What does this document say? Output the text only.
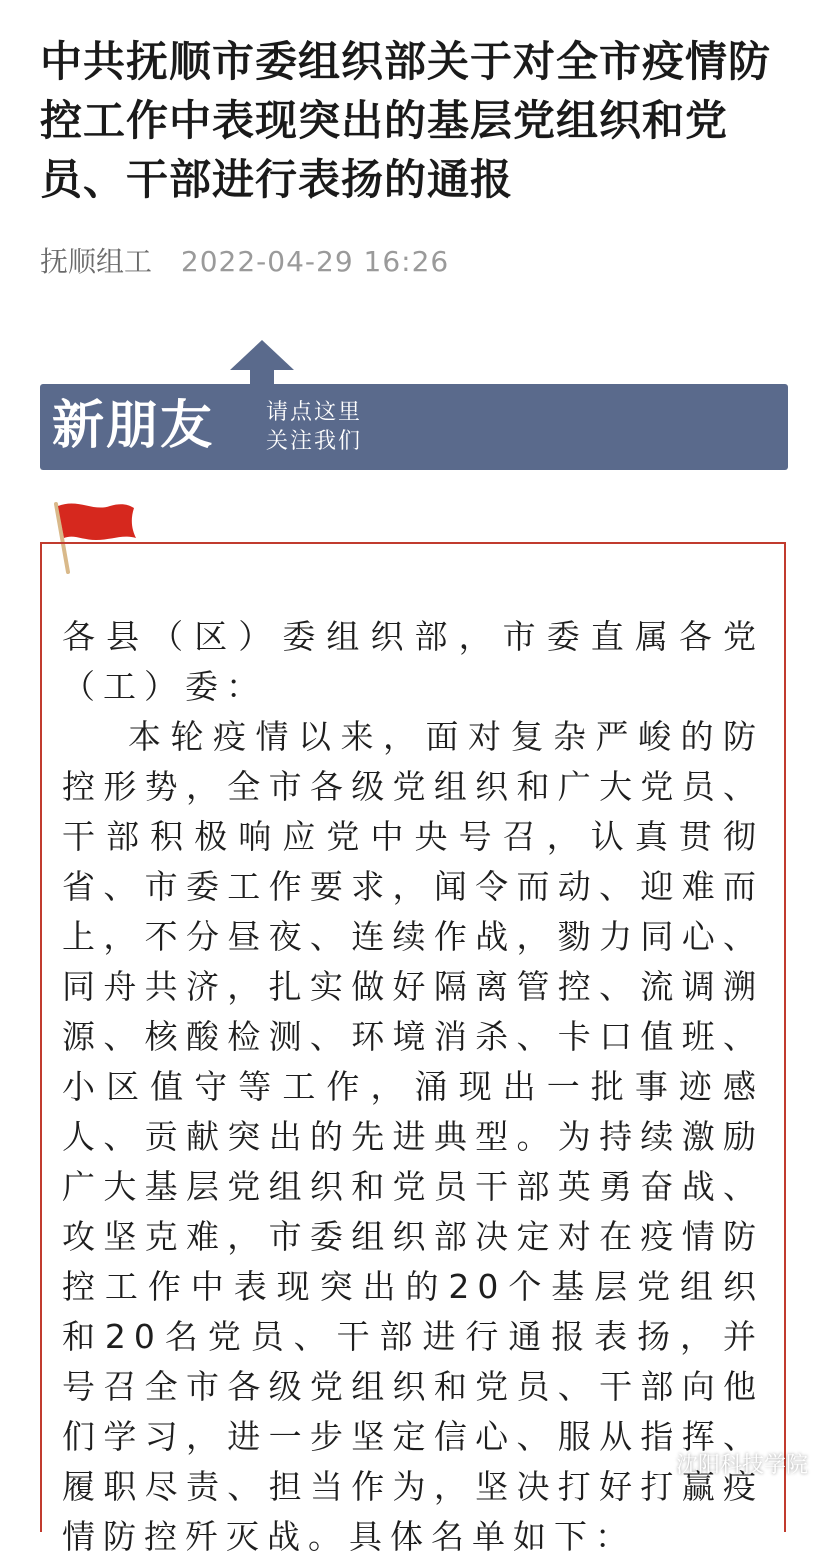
中共抚顺市委组织部关于对全市疫情防控工作中表现突出的基层党组织和党员、干部进行表扬的通报
抚顺组工 2022-04-29 16:26
新朋友 请点这里
关注我们

各县（区）委组织部，市委直属各党（工）委：

本轮疫情以来，面对复杂严峻的防控形势，全市各级党组织和广大党员、干部积极响应党中央号召，认真贯彻省、市委工作要求，闻令而动、迎难而上，不分昼夜、连续作战，勠力同心、同舟共济，扎实做好隔离管控、流调溯源、核酸检测、环境消杀、卡口值班、小区值守等工作，涌现出一批事迹感人、贡献突出的先进典型。为持续激励广大基层党组织和党员干部英勇奋战、攻坚克难，市委组织部决定对在疫情防控工作中表现突出的20个基层党组织和20名党员、干部进行通报表扬，并号召全市各级党组织和党员、干部向他们学习，进一步坚定信心、服从指挥、履职尽责、担当作为，坚决打好打赢疫情防控歼灭战。具体名单如下：

沈阳科技学院
